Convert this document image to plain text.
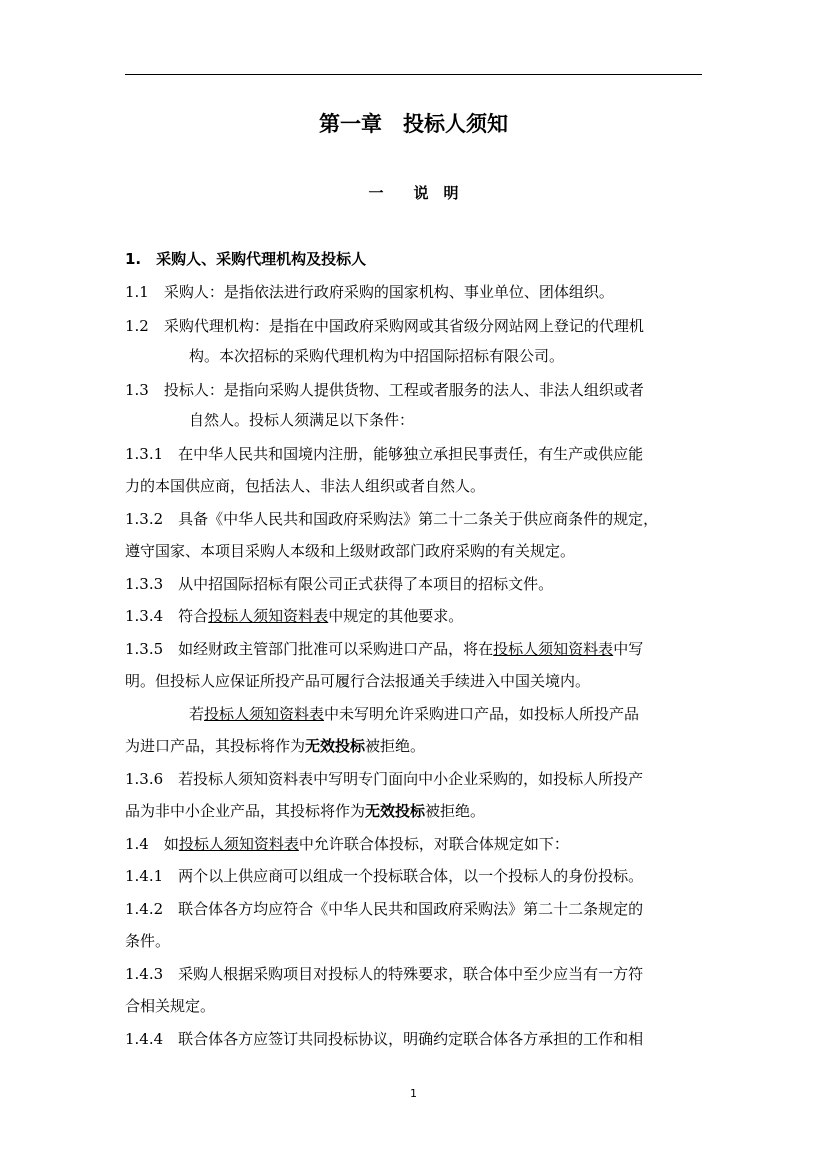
第一章　投标人须知
一　　说　明
1.　采购人、采购代理机构及投标人
1.1　采购人：是指依法进行政府采购的国家机构、事业单位、团体组织。
1.2　采购代理机构：是指在中国政府采购网或其省级分网站网上登记的代理机
构。本次招标的采购代理机构为中招国际招标有限公司。
1.3　投标人：是指向采购人提供货物、工程或者服务的法人、非法人组织或者
自然人。投标人须满足以下条件：
1.3.1　在中华人民共和国境内注册，能够独立承担民事责任，有生产或供应能
力的本国供应商，包括法人、非法人组织或者自然人。
1.3.2　具备《中华人民共和国政府采购法》第二十二条关于供应商条件的规定，
遵守国家、本项目采购人本级和上级财政部门政府采购的有关规定。
1.3.3　从中招国际招标有限公司正式获得了本项目的招标文件。
1.3.4　符合投标人须知资料表中规定的其他要求。
1.3.5　如经财政主管部门批准可以采购进口产品，将在投标人须知资料表中写
明。但投标人应保证所投产品可履行合法报通关手续进入中国关境内。
若投标人须知资料表中未写明允许采购进口产品，如投标人所投产品
为进口产品，其投标将作为无效投标被拒绝。
1.3.6　若投标人须知资料表中写明专门面向中小企业采购的，如投标人所投产
品为非中小企业产品，其投标将作为无效投标被拒绝。
1.4　如投标人须知资料表中允许联合体投标，对联合体规定如下：
1.4.1　两个以上供应商可以组成一个投标联合体，以一个投标人的身份投标。
1.4.2　联合体各方均应符合《中华人民共和国政府采购法》第二十二条规定的
条件。
1.4.3　采购人根据采购项目对投标人的特殊要求，联合体中至少应当有一方符
合相关规定。
1.4.4　联合体各方应签订共同投标协议，明确约定联合体各方承担的工作和相
1
